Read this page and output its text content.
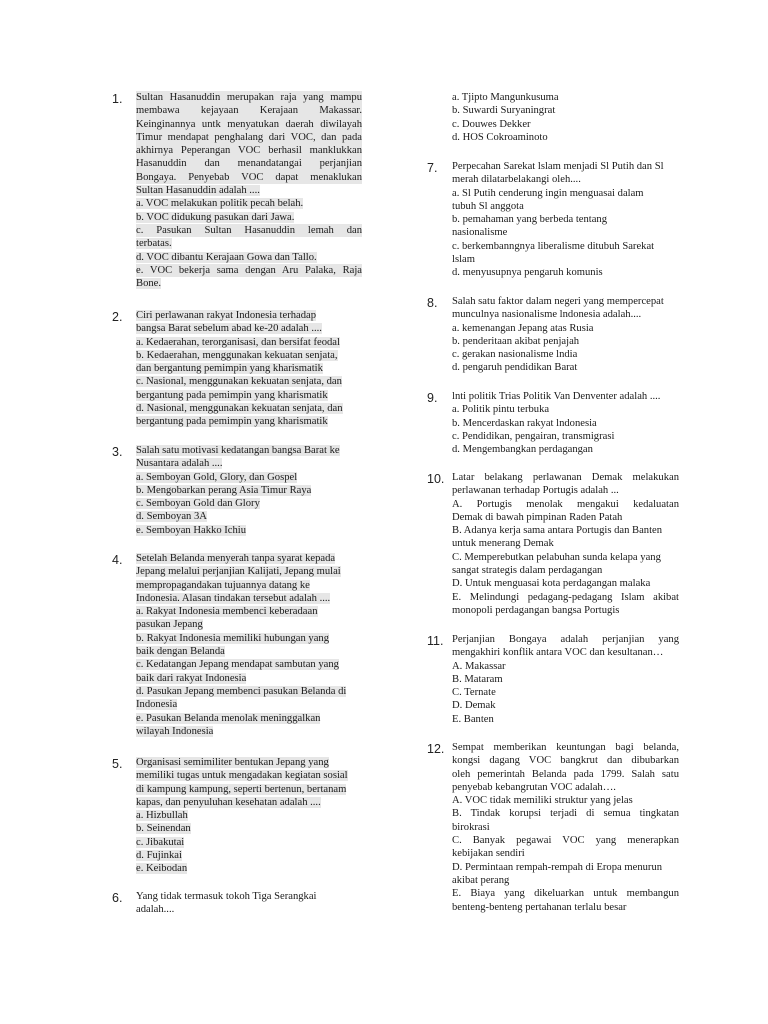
1. Sultan Hasanuddin merupakan raja yang mampu
membawa kejayaan Kerajaan Makassar.
Keinginannya untk menyatukan daerah diwilayah
Timur mendapat penghalang dari VOC, dan pada
akhirnya Peperangan VOC berhasil manklukkan
Hasanuddin dan menandatangai perjanjian
Bongaya. Penyebab VOC dapat menaklukan
Sultan Hasanuddin adalah ....
a. VOC melakukan politik pecah belah.
b. VOC didukung pasukan dari Jawa.
c. Pasukan Sultan Hasanuddin lemah dan
terbatas.
d. VOC dibantu Kerajaan Gowa dan Tallo.
e. VOC bekerja sama dengan Aru Palaka, Raja
Bone.
2. Ciri perlawanan rakyat Indonesia terhadap
bangsa Barat sebelum abad ke-20 adalah ....
a. Kedaerahan, terorganisasi, dan bersifat feodal
b. Kedaerahan, menggunakan kekuatan senjata,
dan bergantung pemimpin yang kharismatik
c. Nasional, menggunakan kekuatan senjata, dan
bergantung pada pemimpin yang kharismatik
d. Nasional, menggunakan kekuatan senjata, dan
bergantung pada pemimpin yang kharismatik
3. Salah satu motivasi kedatangan bangsa Barat ke
Nusantara adalah ....
a. Semboyan Gold, Glory, dan Gospel
b. Mengobarkan perang Asia Timur Raya
c. Semboyan Gold dan Glory
d. Semboyan 3A
e. Semboyan Hakko Ichiu
4. Setelah Belanda menyerah tanpa syarat kepada
Jepang melalui perjanjian Kalijati, Jepang mulai
mempropagandakan tujuannya datang ke
Indonesia. Alasan tindakan tersebut adalah ....
a. Rakyat Indonesia membenci keberadaan
pasukan Jepang
b. Rakyat Indonesia memiliki hubungan yang
baik dengan Belanda
c. Kedatangan Jepang mendapat sambutan yang
baik dari rakyat Indonesia
d. Pasukan Jepang membenci pasukan Belanda di
Indonesia
e. Pasukan Belanda menolak meninggalkan
wilayah Indonesia
5. Organisasi semimiliter bentukan Jepang yang
memiliki tugas untuk mengadakan kegiatan sosial
di kampung kampung, seperti bertenun, bertanam
kapas, dan penyuluhan kesehatan adalah ....
a. Hizbullah
b. Seinendan
c. Jibakutai
d. Fujinkai
e. Keibodan
6. Yang tidak termasuk tokoh Tiga Serangkai
adalah....
a. Tjipto Mangunkusuma
b. Suwardi Suryaningrat
c. Douwes Dekker
d. HOS Cokroaminoto
7. Perpecahan Sarekat lslam menjadi Sl Putih dan Sl
merah dilatarbelakangi oleh....
a. Sl Putih cenderung ingin menguasai dalam
tubuh Sl anggota
b. pemahaman yang berbeda tentang
nasionalisme
c. berkembanngnya liberalisme ditubuh Sarekat
lslam
d. menyusupnya pengaruh komunis
8. Salah satu faktor dalam negeri yang mempercepat
munculnya nasionalisme lndonesia adalah....
a. kemenangan Jepang atas Rusia
b. penderitaan akibat penjajah
c. gerakan nasionalisme lndia
d. pengaruh pendidikan Barat
9. lnti politik Trias Politik Van Denventer adalah ....
a. Politik pintu terbuka
b. Mencerdaskan rakyat lndonesia
c. Pendidikan, pengairan, transmigrasi
d. Mengembangkan perdagangan
10. Latar belakang perlawanan Demak melakukan
perlawanan terhadap Portugis adalah ...
A. Portugis menolak mengakui kedaluatan
Demak di bawah pimpinan Raden Patah
B. Adanya kerja sama antara Portugis dan Banten
untuk menerang Demak
C. Memperebutkan pelabuhan sunda kelapa yang
sangat strategis dalam perdagangan
D. Untuk menguasai kota perdagangan malaka
E. Melindungi pedagang-pedagang Islam akibat
monopoli perdagangan bangsa Portugis
11. Perjanjian Bongaya adalah perjanjian yang
mengakhiri konflik antara VOC dan kesultanan…
A. Makassar
B. Mataram
C. Ternate
D. Demak
E. Banten
12. Sempat memberikan keuntungan bagi belanda,
kongsi dagang VOC bangkrut dan dibubarkan
oleh pemerintah Belanda pada 1799. Salah satu
penyebab kebangrutan VOC adalah….
A. VOC tidak memiliki struktur yang jelas
B. Tindak korupsi terjadi di semua tingkatan
birokrasi
C. Banyak pegawai VOC yang menerapkan
kebijakan sendiri
D. Permintaan rempah-rempah di Eropa menurun
akibat perang
E. Biaya yang dikeluarkan untuk membangun
benteng-benteng pertahanan terlalu besar
